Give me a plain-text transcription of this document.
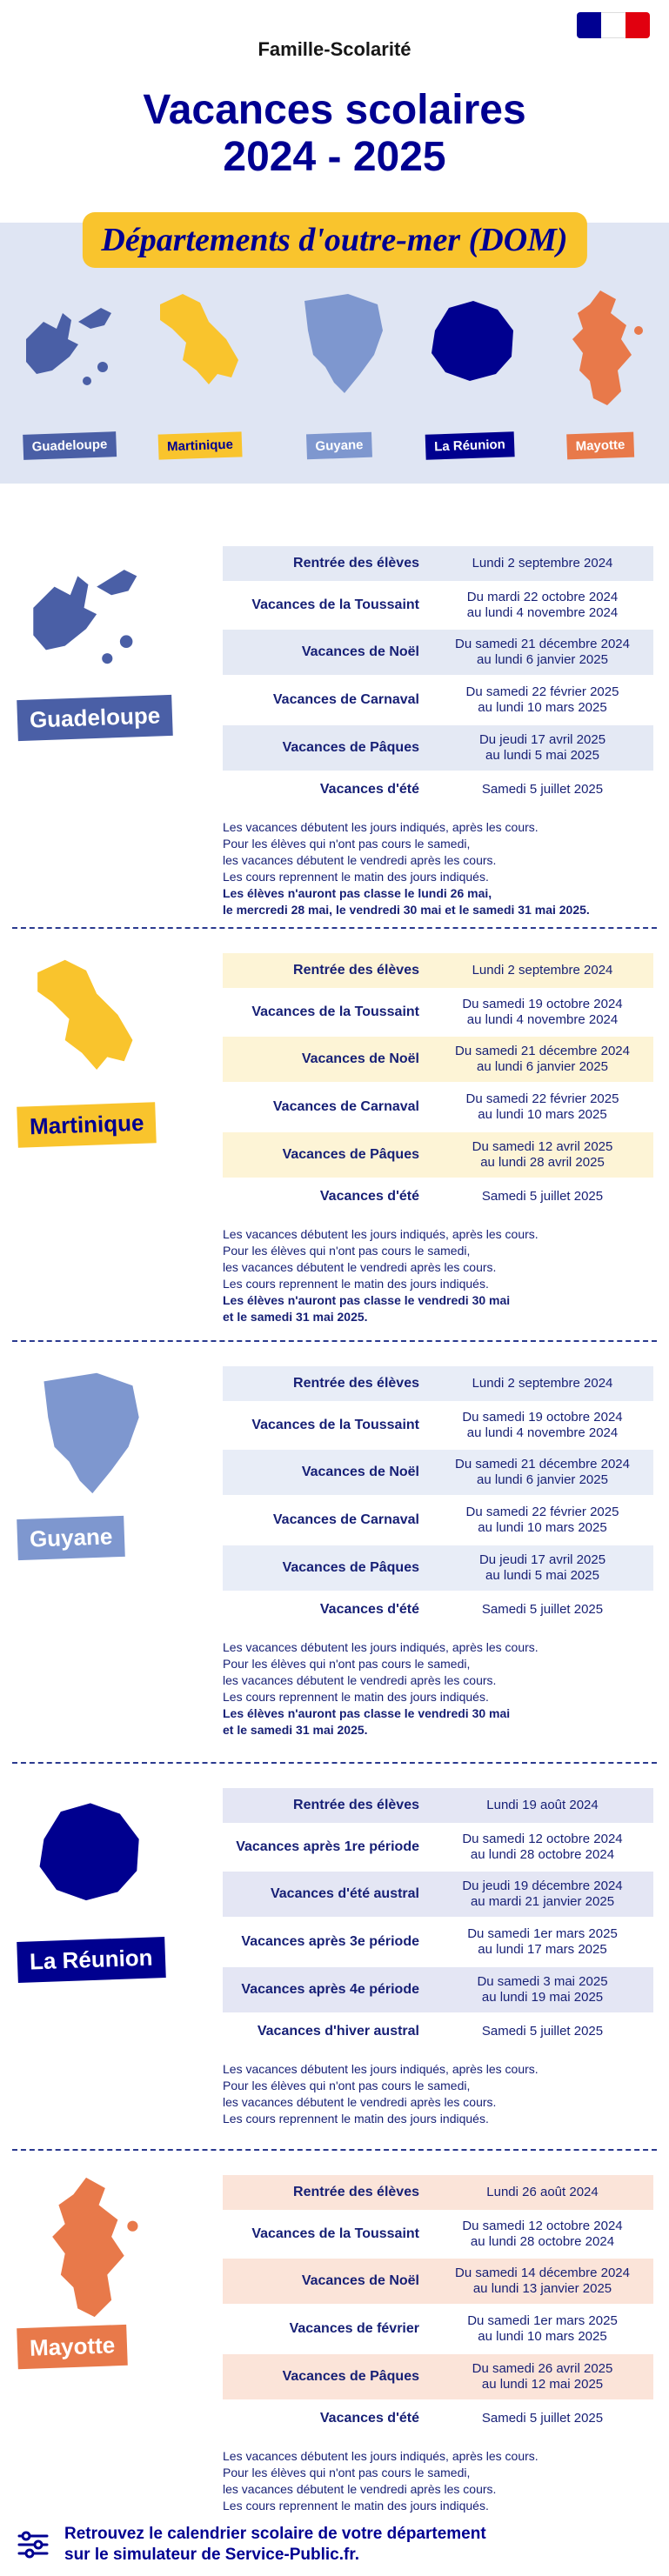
Famille-Scolarité
Vacances scolaires
2024 - 2025
Départements d'outre-mer (DOM)
Guadeloupe	Martinique	Guyane	La Réunion	Mayotte
Guadeloupe
Rentrée des élèves	Lundi 2 septembre 2024
Vacances de la Toussaint
Du mardi 22 octobre 2024
au lundi 4 novembre 2024
Vacances de Noël
Du samedi 21 décembre 2024
au lundi 6 janvier 2025
Vacances de Carnaval
Du samedi 22 février 2025
au lundi 10 mars 2025
Vacances de Pâques
Du jeudi 17 avril 2025
au lundi 5 mai 2025
Vacances d'été	Samedi 5 juillet 2025
Les vacances débutent les jours indiqués, après les cours.
Pour les élèves qui n'ont pas cours le samedi,
les vacances débutent le vendredi après les cours.
Les cours reprennent le matin des jours indiqués.
Les élèves n'auront pas classe le lundi 26 mai,
le mercredi 28 mai, le vendredi 30 mai et le samedi 31 mai 2025.
Martinique
Rentrée des élèves	Lundi 2 septembre 2024
Vacances de la Toussaint
Du samedi 19 octobre 2024
au lundi 4 novembre 2024
Vacances de Noël
Du samedi 21 décembre 2024
au lundi 6 janvier 2025
Vacances de Carnaval
Du samedi 22 février 2025
au lundi 10 mars 2025
Vacances de Pâques
Du samedi 12 avril 2025
au lundi 28 avril 2025
Vacances d'été	Samedi 5 juillet 2025
Les vacances débutent les jours indiqués, après les cours.
Pour les élèves qui n'ont pas cours le samedi,
les vacances débutent le vendredi après les cours.
Les cours reprennent le matin des jours indiqués.
Les élèves n'auront pas classe le vendredi 30 mai
et le samedi 31 mai 2025.
Guyane
Rentrée des élèves	Lundi 2 septembre 2024
Vacances de la Toussaint
Du samedi 19 octobre 2024
au lundi 4 novembre 2024
Vacances de Noël
Du samedi 21 décembre 2024
au lundi 6 janvier 2025
Vacances de Carnaval
Du samedi 22 février 2025
au lundi 10 mars 2025
Vacances de Pâques
Du jeudi 17 avril 2025
au lundi 5 mai 2025
Vacances d'été	Samedi 5 juillet 2025
Les vacances débutent les jours indiqués, après les cours.
Pour les élèves qui n'ont pas cours le samedi,
les vacances débutent le vendredi après les cours.
Les cours reprennent le matin des jours indiqués.
Les élèves n'auront pas classe le vendredi 30 mai
et le samedi 31 mai 2025.
La Réunion
Rentrée des élèves	Lundi 19 août 2024
Vacances après 1re période
Du samedi 12 octobre 2024
au lundi 28 octobre 2024
Vacances d'été austral
Du jeudi 19 décembre 2024
au mardi 21 janvier 2025
Vacances après 3e période
Du samedi 1er mars 2025
au lundi 17 mars 2025
Vacances après 4e période
Du samedi 3 mai 2025
au lundi 19 mai 2025
Vacances d'hiver austral	Samedi 5 juillet 2025
Les vacances débutent les jours indiqués, après les cours.
Pour les élèves qui n'ont pas cours le samedi,
les vacances débutent le vendredi après les cours.
Les cours reprennent le matin des jours indiqués.
Mayotte
Rentrée des élèves	Lundi 26 août 2024
Vacances de la Toussaint
Du samedi 12 octobre 2024
au lundi 28 octobre 2024
Vacances de Noël
Du samedi 14 décembre 2024
au lundi 13 janvier 2025
Vacances de février
Du samedi 1er mars 2025
au lundi 10 mars 2025
Vacances de Pâques
Du samedi 26 avril 2025
au lundi 12 mai 2025
Vacances d'été	Samedi 5 juillet 2025
Les vacances débutent les jours indiqués, après les cours.
Pour les élèves qui n'ont pas cours le samedi,
les vacances débutent le vendredi après les cours.
Les cours reprennent le matin des jours indiqués.
Retrouvez le calendrier scolaire de votre département
sur le simulateur de Service-Public.fr.
